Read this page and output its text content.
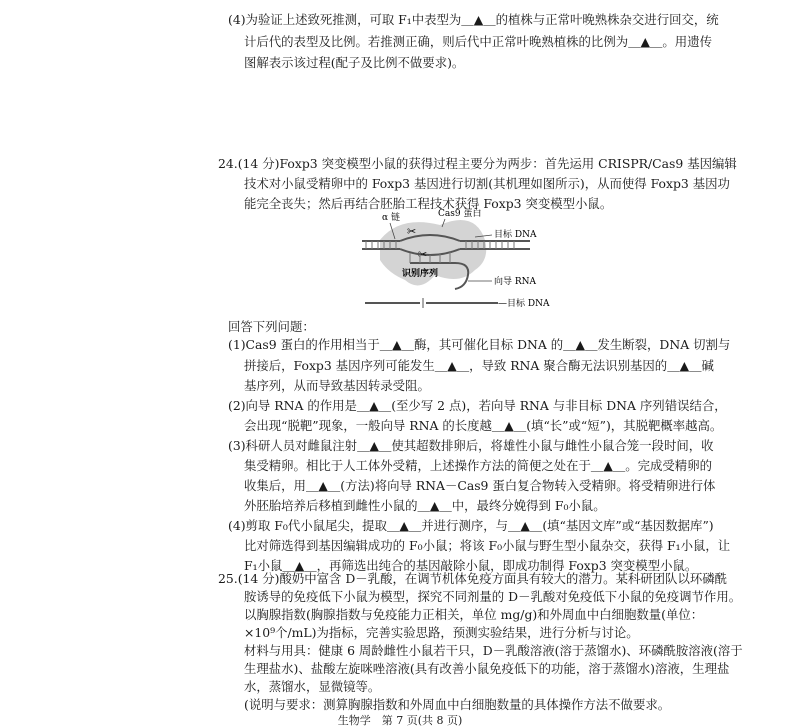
(4)为验证上述致死推测，可取 F₁中表型为＿▲＿的植株与正常叶晚熟株杂交进行回交，统
计后代的表型及比例。若推测正确，则后代中正常叶晚熟植株的比例为＿▲＿。用遗传
图解表示该过程(配子及比例不做要求)。
24.(14 分)Foxp3 突变模型小鼠的获得过程主要分为两步：首先运用 CRISPR/Cas9 基因编辑
技术对小鼠受精卵中的 Foxp3 基因进行切割(其机理如图所示)，从而使得 Foxp3 基因功
能完全丧失；然后再结合胚胎工程技术获得 Foxp3 突变模型小鼠。
✂
✂
α 链	Cas9 蛋白
目标 DNA
识别序列
向导 RNA
—目标 DNA
回答下列问题：
(1)Cas9 蛋白的作用相当于＿▲＿酶，其可催化目标 DNA 的＿▲＿发生断裂，DNA 切割与
拼接后，Foxp3 基因序列可能发生＿▲＿，导致 RNA 聚合酶无法识别基因的＿▲＿碱
基序列，从而导致基因转录受阻。
(2)向导 RNA 的作用是＿▲＿(至少写 2 点)，若向导 RNA 与非目标 DNA 序列错误结合，
会出现“脱靶”现象，一般向导 RNA 的长度越＿▲＿(填“长”或“短”)，其脱靶概率越高。
(3)科研人员对雌鼠注射＿▲＿使其超数排卵后，将雄性小鼠与雌性小鼠合笼一段时间，收
集受精卵。相比于人工体外受精，上述操作方法的简便之处在于＿▲＿。完成受精卵的
收集后，用＿▲＿(方法)将向导 RNA－Cas9 蛋白复合物转入受精卵。将受精卵进行体
外胚胎培养后移植到雌性小鼠的＿▲＿中，最终分娩得到 F₀小鼠。
(4)剪取 F₀代小鼠尾尖，提取＿▲＿并进行测序，与＿▲＿(填“基因文库”或“基因数据库”)
比对筛选得到基因编辑成功的 F₀小鼠；将该 F₀小鼠与野生型小鼠杂交，获得 F₁小鼠，让
F₁小鼠＿▲＿，再筛选出纯合的基因敲除小鼠，即成功制得 Foxp3 突变模型小鼠。
25.(14 分)酸奶中富含 D－乳酸，在调节机体免疫方面具有较大的潜力。某科研团队以环磷酰
胺诱导的免疫低下小鼠为模型，探究不同剂量的 D－乳酸对免疫低下小鼠的免疫调节作用。
以胸腺指数(胸腺指数与免疫能力正相关，单位 mg/g)和外周血中白细胞数量(单位：
×10⁹个/mL)为指标，完善实验思路，预测实验结果，进行分析与讨论。
材料与用具：健康 6 周龄雌性小鼠若干只，D－乳酸溶液(溶于蒸馏水)、环磷酰胺溶液(溶于
生理盐水)、盐酸左旋咪唑溶液(具有改善小鼠免疫低下的功能，溶于蒸馏水)溶液，生理盐
水，蒸馏水，显微镜等。
(说明与要求：测算胸腺指数和外周血中白细胞数量的具体操作方法不做要求。
生物学　第 7 页(共 8 页)
